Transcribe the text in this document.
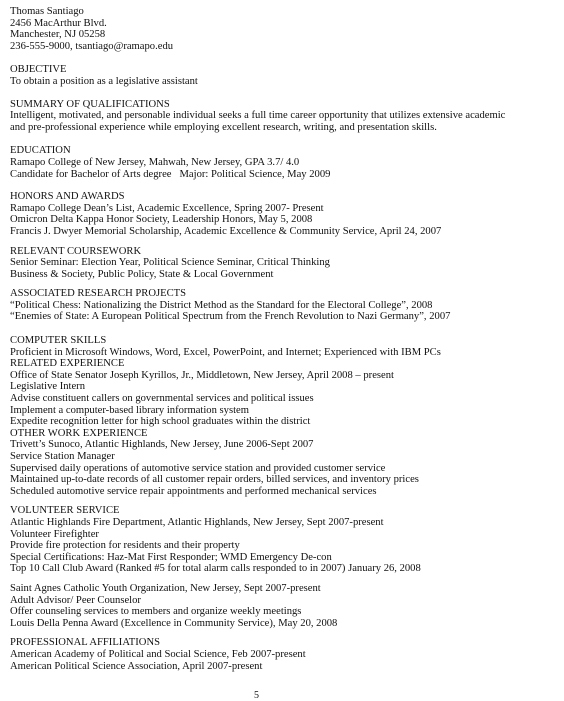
Thomas Santiago
2456 MacArthur Blvd.
Manchester, NJ 05258
236-555-9000, tsantiago@ramapo.edu
OBJECTIVE
To obtain a position as a legislative assistant
SUMMARY OF QUALIFICATIONS
Intelligent, motivated, and personable individual seeks a full time career opportunity that utilizes extensive academic and pre-professional experience while employing excellent research, writing, and presentation skills.
EDUCATION
Ramapo College of New Jersey, Mahwah, New Jersey, GPA 3.7/ 4.0
Candidate for Bachelor of Arts degree Major: Political Science, May 2009
HONORS AND AWARDS
Ramapo College Dean’s List, Academic Excellence, Spring 2007- Present
Omicron Delta Kappa Honor Society, Leadership Honors, May 5, 2008
Francis J. Dwyer Memorial Scholarship, Academic Excellence & Community Service, April 24, 2007
RELEVANT COURSEWORK
Senior Seminar: Election Year, Political Science Seminar, Critical Thinking
Business & Society, Public Policy, State & Local Government
ASSOCIATED RESEARCH PROJECTS
“Political Chess: Nationalizing the District Method as the Standard for the Electoral College”, 2008
“Enemies of State: A European Political Spectrum from the French Revolution to Nazi Germany”, 2007
COMPUTER SKILLS
Proficient in Microsoft Windows, Word, Excel, PowerPoint, and Internet; Experienced with IBM PCs
RELATED EXPERIENCE
Office of State Senator Joseph Kyrillos, Jr., Middletown, New Jersey, April 2008 – present
Legislative Intern
Advise constituent callers on governmental services and political issues
Implement a computer-based library information system
Expedite recognition letter for high school graduates within the district
OTHER WORK EXPERIENCE
Trivett’s Sunoco, Atlantic Highlands, New Jersey, June 2006-Sept 2007
Service Station Manager
Supervised daily operations of automotive service station and provided customer service
Maintained up-to-date records of all customer repair orders, billed services, and inventory prices
Scheduled automotive service repair appointments and performed mechanical services
VOLUNTEER SERVICE
Atlantic Highlands Fire Department, Atlantic Highlands, New Jersey, Sept 2007-present
Volunteer Firefighter
Provide fire protection for residents and their property
Special Certifications: Haz-Mat First Responder; WMD Emergency De-con
Top 10 Call Club Award (Ranked #5 for total alarm calls responded to in 2007) January 26, 2008
Saint Agnes Catholic Youth Organization, New Jersey, Sept 2007-present
Adult Advisor/ Peer Counselor
Offer counseling services to members and organize weekly meetings
Louis Della Penna Award (Excellence in Community Service), May 20, 2008
PROFESSIONAL AFFILIATIONS
American Academy of Political and Social Science, Feb 2007-present
American Political Science Association, April 2007-present
5
